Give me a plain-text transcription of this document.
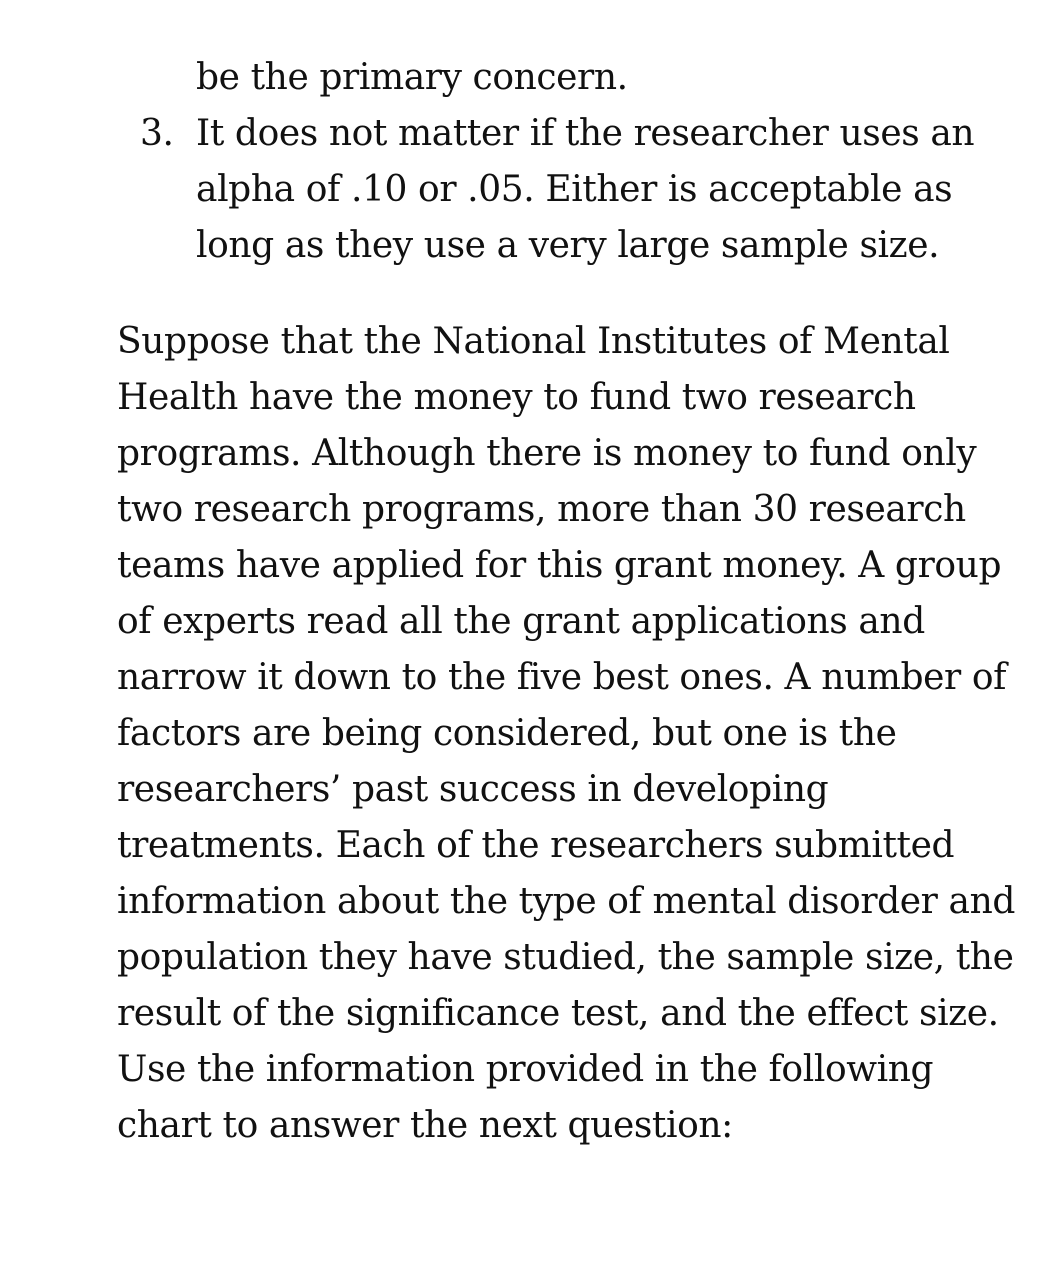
be the primary concern.
3. It does not matter if the researcher uses an
alpha of .10 or .05. Either is acceptable as
long as they use a very large sample size.
Suppose that the National Institutes of Mental
Health have the money to fund two research
programs. Although there is money to fund only
two research programs, more than 30 research
teams have applied for this grant money. A group
of experts read all the grant applications and
narrow it down to the five best ones. A number of
factors are being considered, but one is the
researchers’ past success in developing
treatments. Each of the researchers submitted
information about the type of mental disorder and
population they have studied, the sample size, the
result of the significance test, and the effect size.
Use the information provided in the following
chart to answer the next question:
